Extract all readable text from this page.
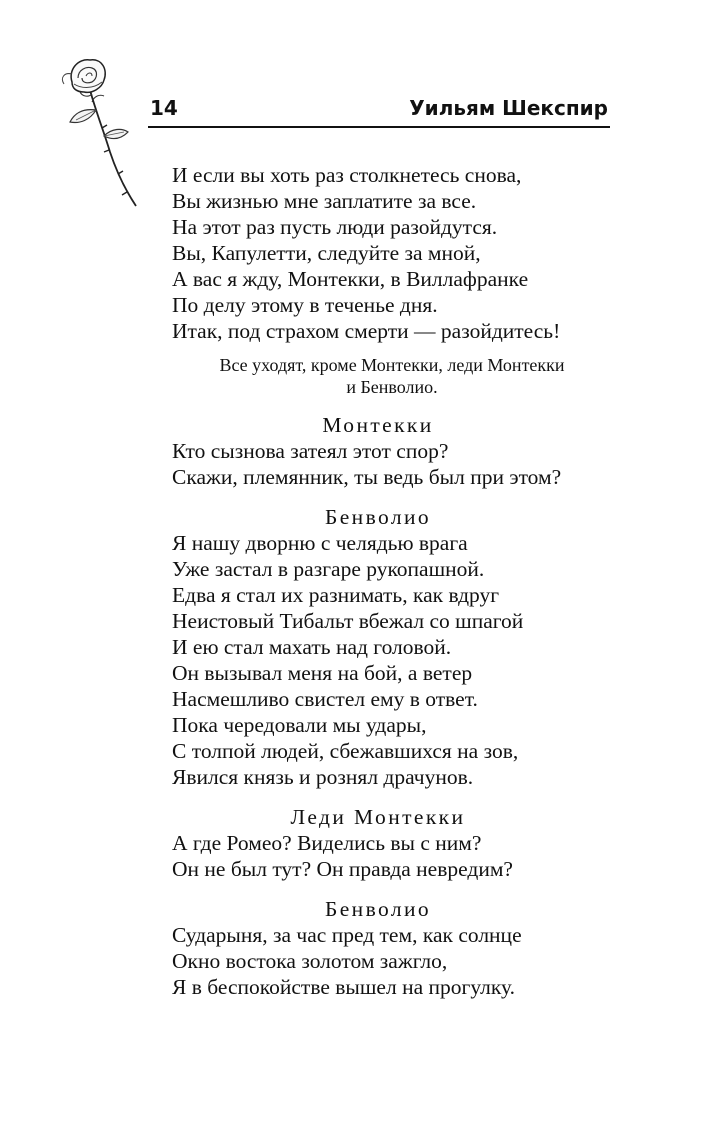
14	Уильям Шекспир
И если вы хоть раз столкнетесь снова,
Вы жизнью мне заплатите за все.
На этот раз пусть люди разойдутся.
Вы, Капулетти, следуйте за мной,
А вас я жду, Монтекки, в Виллафранке
По делу этому в теченье дня.
Итак, под страхом смерти — разойдитесь!
Все уходят, кроме Монтекки, леди Монтекки
и Бенволио.
Монтекки
Кто сызнова затеял этот спор?
Скажи, племянник, ты ведь был при этом?
Бенволио
Я нашу дворню с челядью врага
Уже застал в разгаре рукопашной.
Едва я стал их разнимать, как вдруг
Неистовый Тибальт вбежал со шпагой
И ею стал махать над головой.
Он вызывал меня на бой, а ветер
Насмешливо свистел ему в ответ.
Пока чередовали мы удары,
С толпой людей, сбежавшихся на зов,
Явился князь и рознял драчунов.
Леди Монтекки
А где Ромео? Виделись вы с ним?
Он не был тут? Он правда невредим?
Бенволио
Сударыня, за час пред тем, как солнце
Окно востока золотом зажгло,
Я в беспокойстве вышел на прогулку.
